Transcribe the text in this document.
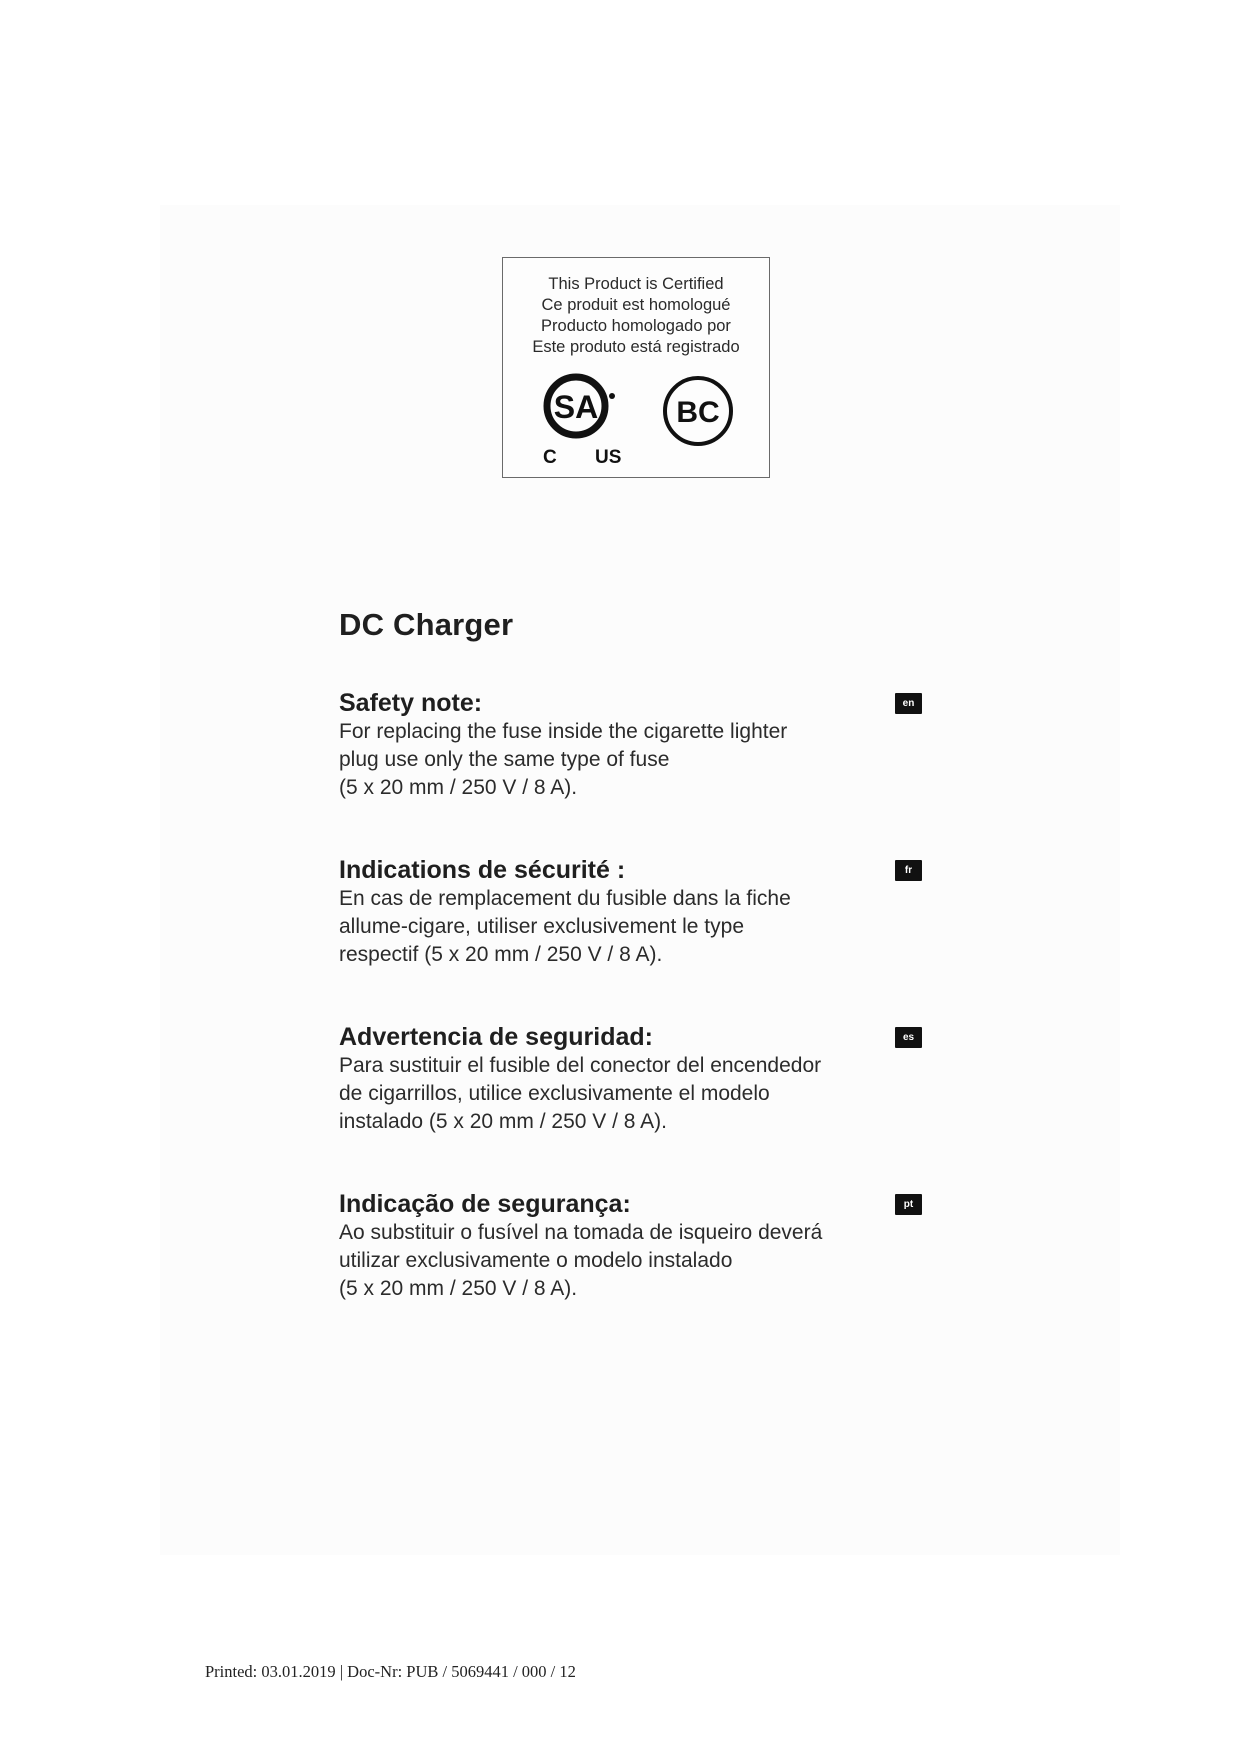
This Product is Certified
Ce produit est homologué
Producto homologado por
Este produto está registrado
SA
C US
BC
DC Charger
Safety note:

For replacing the fuse inside the cigarette lighter
plug use only the same type of fuse
(5 x 20 mm / 250 V / 8 A).

en
Indications de sécurité :

En cas de remplacement du fusible dans la fiche
allume-cigare, utiliser exclusivement le type
respectif (5 x 20 mm / 250 V / 8 A).

fr
Advertencia de seguridad:

Para sustituir el fusible del conector del encendedor
de cigarrillos, utilice exclusivamente el modelo
instalado (5 x 20 mm / 250 V / 8 A).

es
Indicação de segurança:

Ao substituir o fusível na tomada de isqueiro deverá
utilizar exclusivamente o modelo instalado
(5 x 20 mm / 250 V / 8 A).

pt

Printed: 03.01.2019 | Doc-Nr: PUB / 5069441 / 000 / 12
